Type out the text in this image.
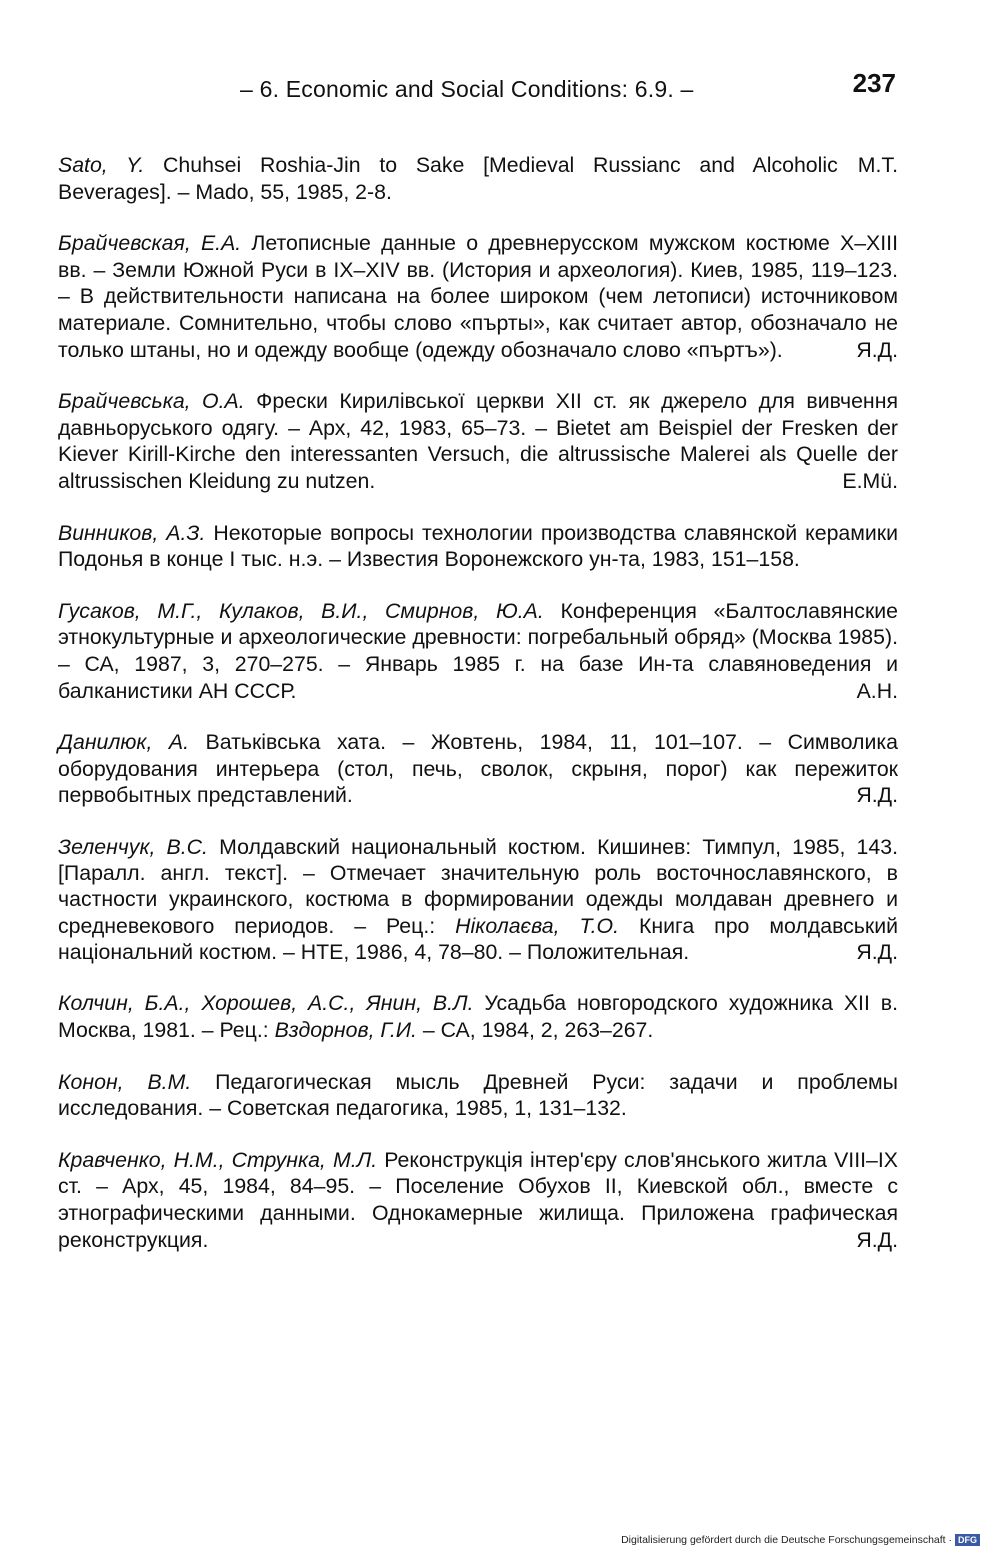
– 6. Economic and Social Conditions: 6.9. –	237
M.T.
Sato, Y. Chuhsei Roshia-Jin to Sake [Medieval Russianc and Alcoholic Beverages]. – Mado, 55, 1985, 2-8.
Брайчевская, Е.А. Летописные данные о древнерусском мужском костюме X–XIII вв. – Земли Южной Руси в IX–XIV вв. (История и археология). Киев, 1985, 119–123. – В действительности написана на более широком (чем летописи) источниковом материале. Сомнительно, чтобы слово «пърты», как считает автор, обозначало не только штаны, но и одежду вообще (одежду обозначало слово «пъртъ»).	Я.Д.
Брайчевська, О.А. Фрески Кирилівської церкви XII ст. як джерело для вивчення давньоруського одягу. – Арх, 42, 1983, 65–73. – Bietet am Beispiel der Fresken der Kiever Kirill-Kirche den interessanten Versuch, die altrussische Malerei als Quelle der altrussischen Kleidung zu nutzen.	E.Mü.
Винников, А.З. Некоторые вопросы технологии производства славянской керамики Подонья в конце I тыс. н.э. – Известия Воронежского ун-та, 1983, 151–158.
Гусаков, М.Г., Кулаков, В.И., Смирнов, Ю.А. Конференция «Балтославянские этнокультурные и археологические древности: погребальный обряд» (Москва 1985). – СА, 1987, 3, 270–275. – Январь 1985 г. на базе Ин-та славяноведения и балканистики АН СССР.	А.Н.
Данилюк, А. Ватьківська хата. – Жовтень, 1984, 11, 101–107. – Символика оборудования интерьера (стол, печь, сволок, скрыня, порог) как пережиток первобытных представлений.	Я.Д.
Зеленчук, В.С. Молдавский национальный костюм. Кишинев: Тимпул, 1985, 143. [Паралл. англ. текст]. – Отмечает значительную роль восточнославянского, в частности украинского, костюма в формировании одежды молдаван древнего и средневекового периодов. – Рец.: Ніколаєва, Т.О. Книга про молдавський національний костюм. – НТЕ, 1986, 4, 78–80. – Положительная.	Я.Д.
Колчин, Б.А., Хорошев, А.С., Янин, В.Л. Усадьба новгородского художника XII в. Москва, 1981. – Рец.: Вздорнов, Г.И. – СА, 1984, 2, 263–267.
Конон, В.М. Педагогическая мысль Древней Руси: задачи и проблемы исследования. – Советская педагогика, 1985, 1, 131–132.
Кравченко, Н.М., Струнка, М.Л. Реконструкція інтер'єру слов'янського житла VIII–IX ст. – Арх, 45, 1984, 84–95. – Поселение Обухов II, Киевской обл., вместе с этнографическими данными. Однокамерные жилища. Приложена графическая реконструкция.	Я.Д.
Digitalisierung gefördert durch die Deutsche Forschungsgemeinschaft · DFG
